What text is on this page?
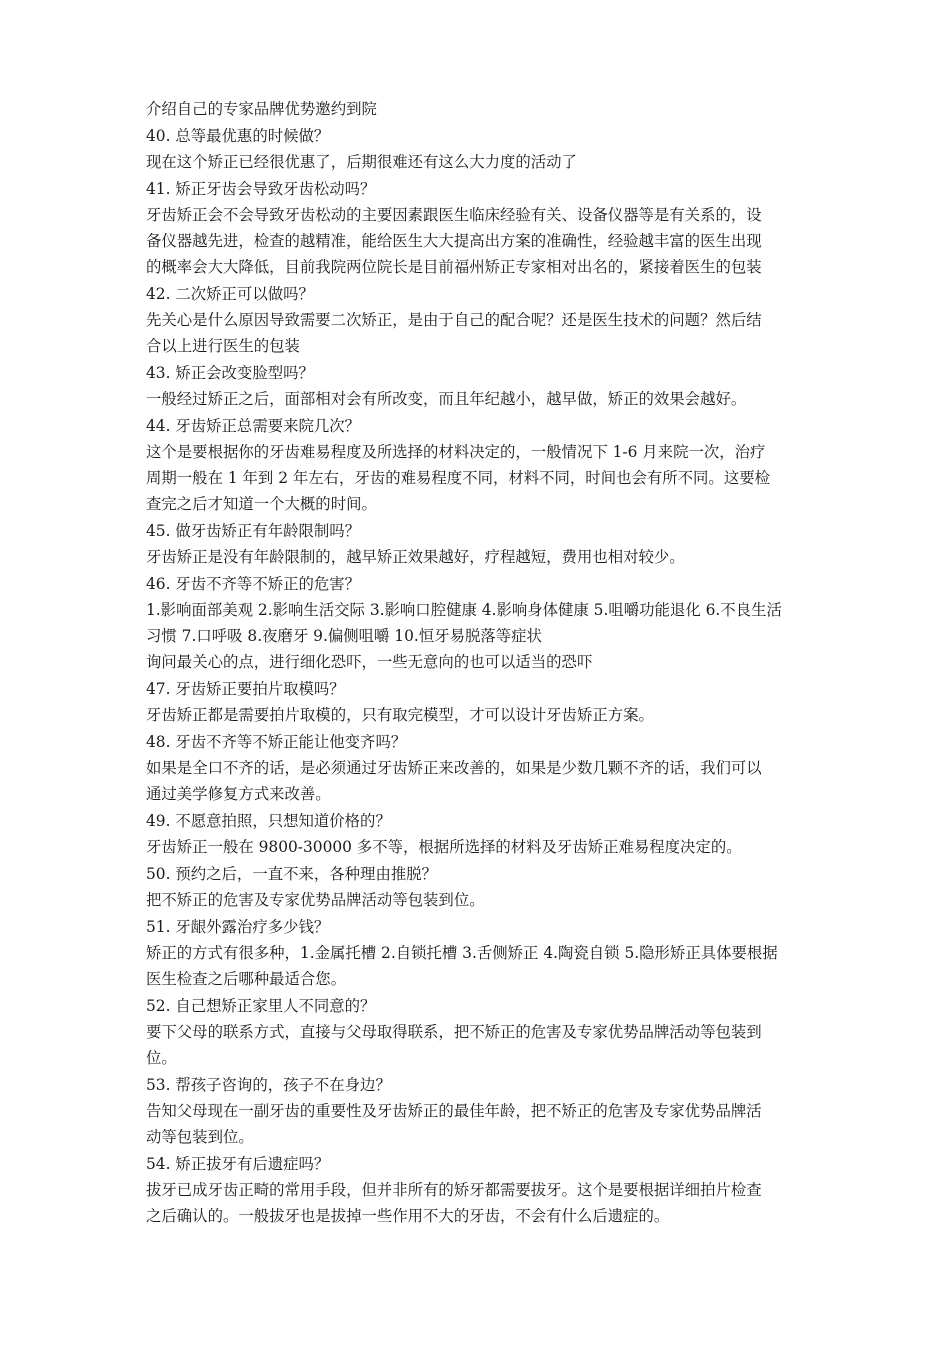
介绍自己的专家品牌优势邀约到院
40. 总等最优惠的时候做？
现在这个矫正已经很优惠了，后期很难还有这么大力度的活动了
41. 矫正牙齿会导致牙齿松动吗？
牙齿矫正会不会导致牙齿松动的主要因素跟医生临床经验有关、设备仪器等是有关系的，设
备仪器越先进，检查的越精准，能给医生大大提高出方案的准确性，经验越丰富的医生出现
的概率会大大降低，目前我院两位院长是目前福州矫正专家相对出名的，紧接着医生的包装
42. 二次矫正可以做吗？
先关心是什么原因导致需要二次矫正，是由于自己的配合呢？还是医生技术的问题？然后结
合以上进行医生的包装
43. 矫正会改变脸型吗？
一般经过矫正之后，面部相对会有所改变，而且年纪越小，越早做，矫正的效果会越好。
44. 牙齿矫正总需要来院几次？
这个是要根据你的牙齿难易程度及所选择的材料决定的，一般情况下 1-6 月来院一次，治疗
周期一般在 1 年到 2 年左右，牙齿的难易程度不同，材料不同，时间也会有所不同。这要检
查完之后才知道一个大概的时间。
45. 做牙齿矫正有年龄限制吗？
牙齿矫正是没有年龄限制的，越早矫正效果越好，疗程越短，费用也相对较少。
46. 牙齿不齐等不矫正的危害？
1.影响面部美观 2.影响生活交际 3.影响口腔健康 4.影响身体健康 5.咀嚼功能退化 6.不良生活
习惯 7.口呼吸 8.夜磨牙 9.偏侧咀嚼 10.恒牙易脱落等症状
询问最关心的点，进行细化恐吓，一些无意向的也可以适当的恐吓
47. 牙齿矫正要拍片取模吗？
牙齿矫正都是需要拍片取模的，只有取完模型，才可以设计牙齿矫正方案。
48. 牙齿不齐等不矫正能让他变齐吗？
如果是全口不齐的话，是必须通过牙齿矫正来改善的，如果是少数几颗不齐的话，我们可以
通过美学修复方式来改善。
49. 不愿意拍照，只想知道价格的？
牙齿矫正一般在 9800-30000 多不等，根据所选择的材料及牙齿矫正难易程度决定的。
50. 预约之后，一直不来，各种理由推脱？
把不矫正的危害及专家优势品牌活动等包装到位。
51. 牙龈外露治疗多少钱？
矫正的方式有很多种，1.金属托槽 2.自锁托槽 3.舌侧矫正 4.陶瓷自锁 5.隐形矫正具体要根据
医生检查之后哪种最适合您。
52. 自己想矫正家里人不同意的？
要下父母的联系方式，直接与父母取得联系，把不矫正的危害及专家优势品牌活动等包装到
位。
53. 帮孩子咨询的，孩子不在身边？
告知父母现在一副牙齿的重要性及牙齿矫正的最佳年龄，把不矫正的危害及专家优势品牌活
动等包装到位。
54. 矫正拔牙有后遗症吗？
拔牙已成牙齿正畸的常用手段，但并非所有的矫牙都需要拔牙。这个是要根据详细拍片检查
之后确认的。一般拔牙也是拔掉一些作用不大的牙齿，不会有什么后遗症的。
